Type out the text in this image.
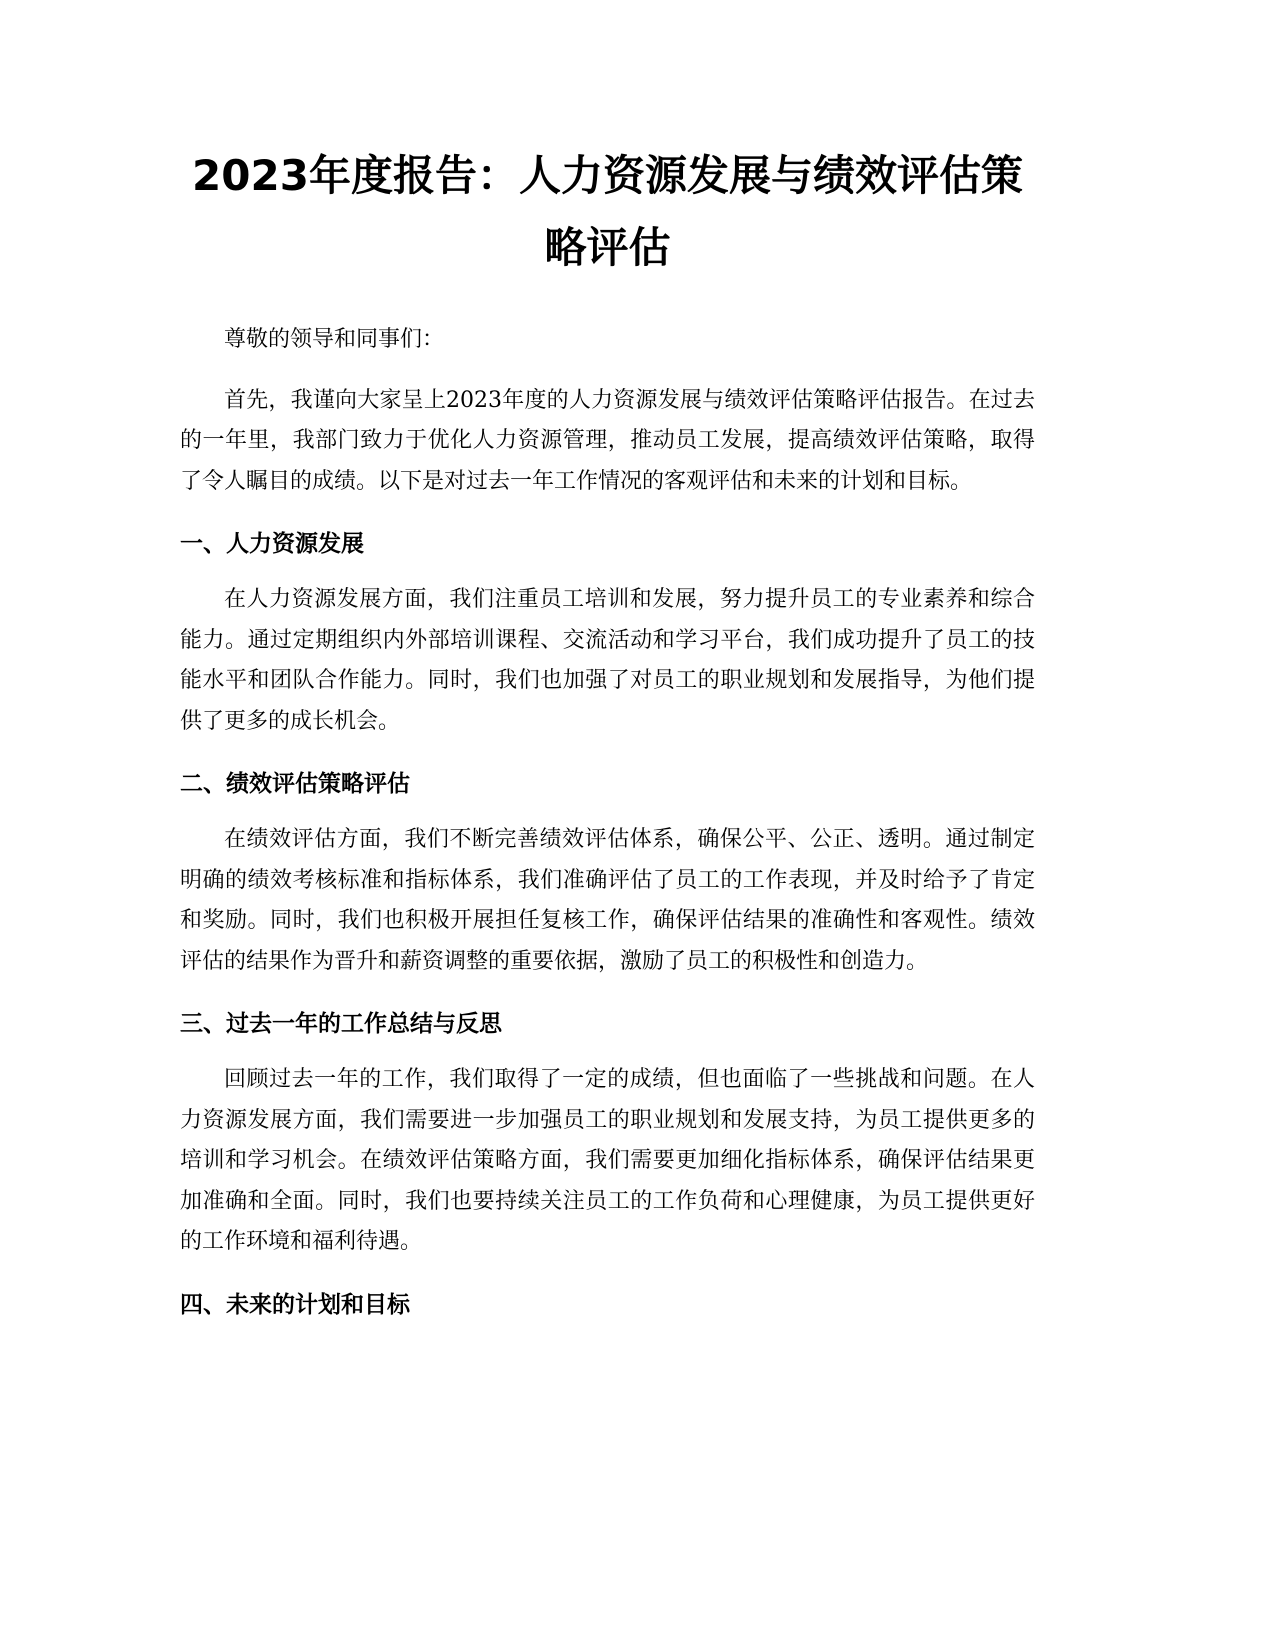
2023年度报告：人力资源发展与绩效评估策略评估

尊敬的领导和同事们：

首先，我谨向大家呈上2023年度的人力资源发展与绩效评估策略评估报告。在过去的一年里，我部门致力于优化人力资源管理，推动员工发展，提高绩效评估策略，取得了令人瞩目的成绩。以下是对过去一年工作情况的客观评估和未来的计划和目标。

一、人力资源发展

在人力资源发展方面，我们注重员工培训和发展，努力提升员工的专业素养和综合能力。通过定期组织内外部培训课程、交流活动和学习平台，我们成功提升了员工的技能水平和团队合作能力。同时，我们也加强了对员工的职业规划和发展指导，为他们提供了更多的成长机会。

二、绩效评估策略评估

在绩效评估方面，我们不断完善绩效评估体系，确保公平、公正、透明。通过制定明确的绩效考核标准和指标体系，我们准确评估了员工的工作表现，并及时给予了肯定和奖励。同时，我们也积极开展担任复核工作，确保评估结果的准确性和客观性。绩效评估的结果作为晋升和薪资调整的重要依据，激励了员工的积极性和创造力。

三、过去一年的工作总结与反思

回顾过去一年的工作，我们取得了一定的成绩，但也面临了一些挑战和问题。在人力资源发展方面，我们需要进一步加强员工的职业规划和发展支持，为员工提供更多的培训和学习机会。在绩效评估策略方面，我们需要更加细化指标体系，确保评估结果更加准确和全面。同时，我们也要持续关注员工的工作负荷和心理健康，为员工提供更好的工作环境和福利待遇。

四、未来的计划和目标
